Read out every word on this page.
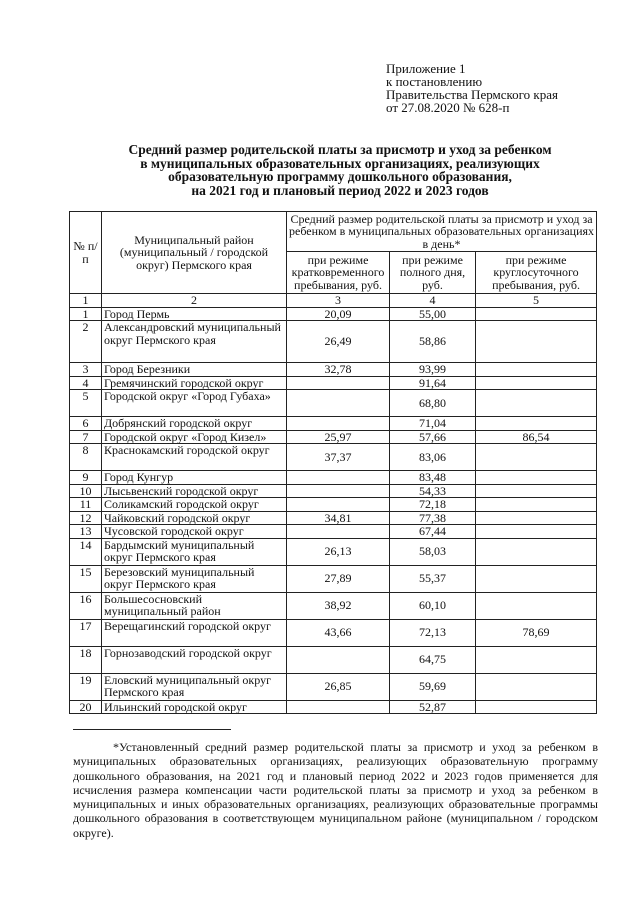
Приложение 1
к постановлению
Правительства Пермского края
от 27.08.2020 № 628-п
Средний размер родительской платы за присмотр и уход за ребенком
в муниципальных образовательных организациях, реализующих
образовательную программу дошкольного образования,
на 2021 год и плановый период 2022 и 2023 годов
№ п/п	Муниципальный район (муниципальный / городской округ) Пермского края	Средний размер родительской платы за присмотр и уход за ребенком в муниципальных образовательных организациях в день*		
		при режиме кратковременного пребывания, руб.	при режиме полного дня, руб.	при режиме круглосуточного пребывания, руб.
1	2	3	4	5
1	Город Пермь	20,09	55,00	
2	Александровский муниципальный округ Пермского края	26,49	58,86	
3	Город Березники	32,78	93,99	
4	Гремячинский городской округ		91,64	
5	Городской округ «Город Губаха»		68,80	
6	Добрянский городской округ		71,04	
7	Городской округ «Город Кизел»	25,97	57,66	86,54
8	Краснокамский городской округ	37,37	83,06	
9	Город Кунгур		83,48	
10	Лысьвенский городской округ		54,33	
11	Соликамский городской округ		72,18	
12	Чайковский городской округ	34,81	77,38	
13	Чусовской городской округ		67,44	
14	Бардымский муниципальный округ Пермского края	26,13	58,03	
15	Березовский муниципальный округ Пермского края	27,89	55,37	
16	Большесосновский муниципальный район	38,92	60,10	
17	Верещагинский городской округ	43,66	72,13	78,69
18	Горнозаводский городской округ		64,75	
19	Еловский муниципальный округ Пермского края	26,85	59,69	
20	Ильинский городской округ		52,87	
*Установленный средний размер родительской платы за присмотр и уход за ребенком в муниципальных образовательных организациях, реализующих образовательную программу дошкольного образования, на 2021 год и плановый период 2022 и 2023 годов применяется для исчисления размера компенсации части родительской платы за присмотр и уход за ребенком в муниципальных и иных образовательных организациях, реализующих образовательные программы дошкольного образования в соответствующем муниципальном районе (муниципальном / городском округе).
